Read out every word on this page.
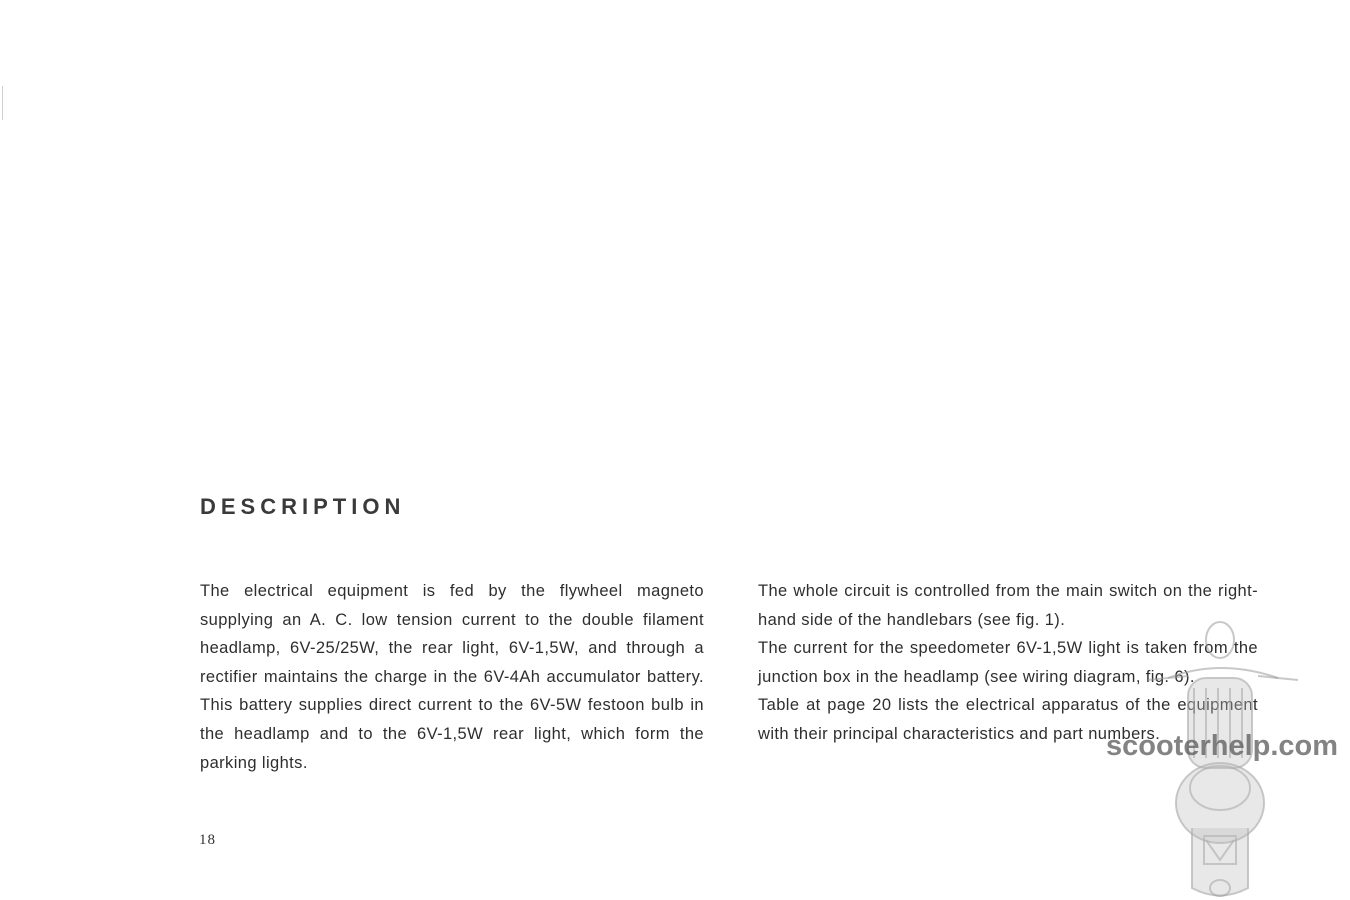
DESCRIPTION

The electrical equipment is fed by the flywheel magneto supplying an A. C. low tension current to the double filament headlamp, 6V-25/25W, the rear light, 6V-1,5W, and through a rectifier maintains the charge in the 6V-4Ah accumulator battery. This battery supplies direct current to the 6V-5W festoon bulb in the headlamp and to the 6V-1,5W rear light, which form the parking lights.

The whole circuit is controlled from the main switch on the right-hand side of the handlebars (see fig. 1).

The current for the speedometer 6V-1,5W light is taken from the junction box in the headlamp (see wiring diagram, fig. 6).

Table at page 20 lists the electrical apparatus of the equipment with their principal characteristics and part numbers.

18
scooterhelp.com
